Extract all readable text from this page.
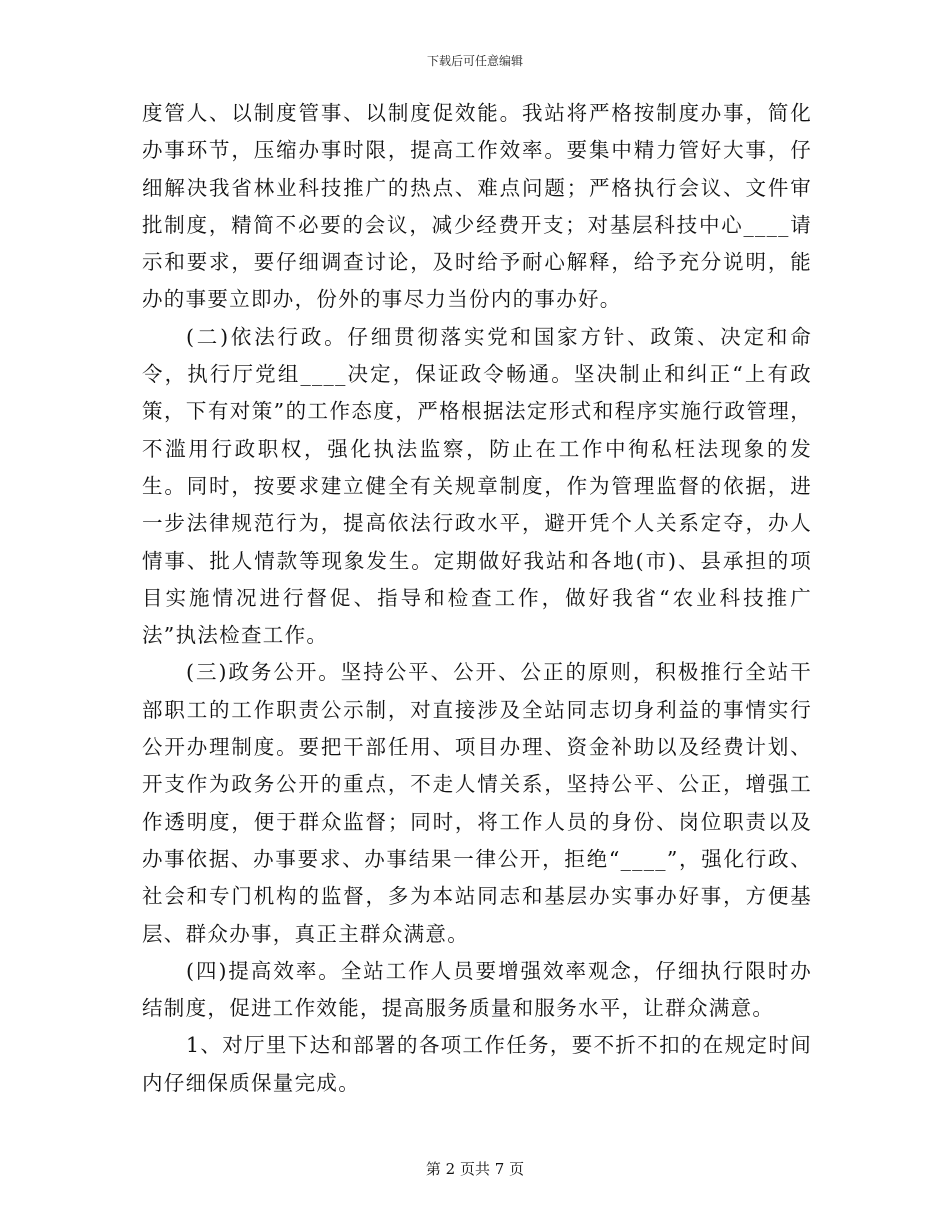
下载后可任意编辑

度管人、以制度管事、以制度促效能。我站将严格按制度办事，简化办事环节，压缩办事时限，提高工作效率。要集中精力管好大事，仔细解决我省林业科技推广的热点、难点问题；严格执行会议、文件审批制度，精简不必要的会议，减少经费开支；对基层科技中心____请示和要求，要仔细调查讨论，及时给予耐心解释，给予充分说明，能办的事要立即办，份外的事尽力当份内的事办好。

(二)依法行政。仔细贯彻落实党和国家方针、政策、决定和命令，执行厅党组____决定，保证政令畅通。坚决制止和纠正“上有政策，下有对策”的工作态度，严格根据法定形式和程序实施行政管理，不滥用行政职权，强化执法监察，防止在工作中徇私枉法现象的发生。同时，按要求建立健全有关规章制度，作为管理监督的依据，进一步法律规范行为，提高依法行政水平，避开凭个人关系定夺，办人情事、批人情款等现象发生。定期做好我站和各地(市)、县承担的项目实施情况进行督促、指导和检查工作，做好我省“农业科技推广法”执法检查工作。

(三)政务公开。坚持公平、公开、公正的原则，积极推行全站干部职工的工作职责公示制，对直接涉及全站同志切身利益的事情实行公开办理制度。要把干部任用、项目办理、资金补助以及经费计划、开支作为政务公开的重点，不走人情关系，坚持公平、公正，增强工作透明度，便于群众监督；同时，将工作人员的身份、岗位职责以及办事依据、办事要求、办事结果一律公开，拒绝“____”，强化行政、社会和专门机构的监督，多为本站同志和基层办实事办好事，方便基层、群众办事，真正主群众满意。

(四)提高效率。全站工作人员要增强效率观念，仔细执行限时办结制度，促进工作效能，提高服务质量和服务水平，让群众满意。

1、对厅里下达和部署的各项工作任务，要不折不扣的在规定时间内仔细保质保量完成。

第 2 页共 7 页
